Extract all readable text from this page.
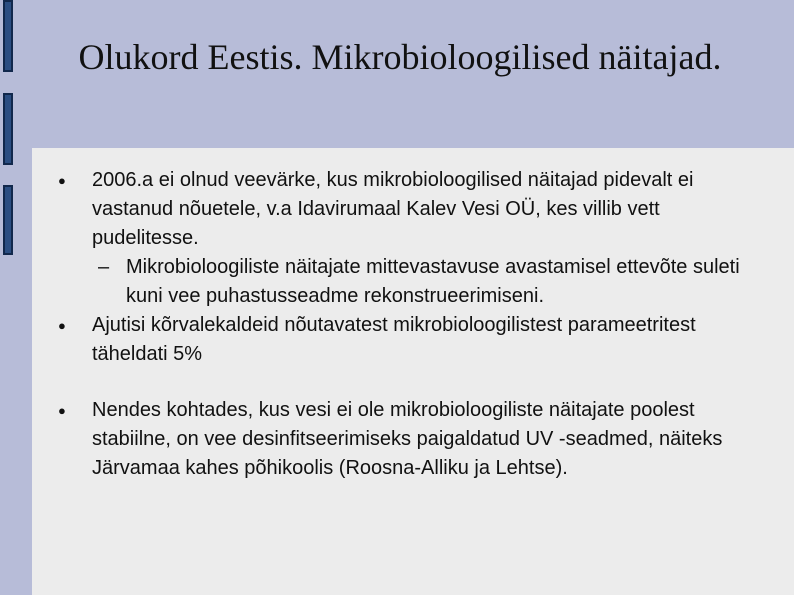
Olukord Eestis. Mikrobioloogilised näitajad.
● 2006.a ei olnud veevärke, kus mikrobioloogilised näitajad pidevalt ei vastanud nõuetele, v.a Idavirumaal Kalev Vesi OÜ, kes villib vett pudelitesse.
– Mikrobioloogiliste näitajate mittevastavuse avastamisel ettevõte suleti kuni vee puhastusseadme rekonstrueerimiseni.
● Ajutisi kõrvalekaldeid nõutavatest mikrobioloogilistest parameetritest täheldati 5%
● Nendes kohtades, kus vesi ei ole mikrobioloogiliste näitajate poolest stabiilne, on vee desinfitseerimiseks paigaldatud UV -seadmed, näiteks Järvamaa kahes põhikoolis (Roosna-Alliku ja Lehtse).
